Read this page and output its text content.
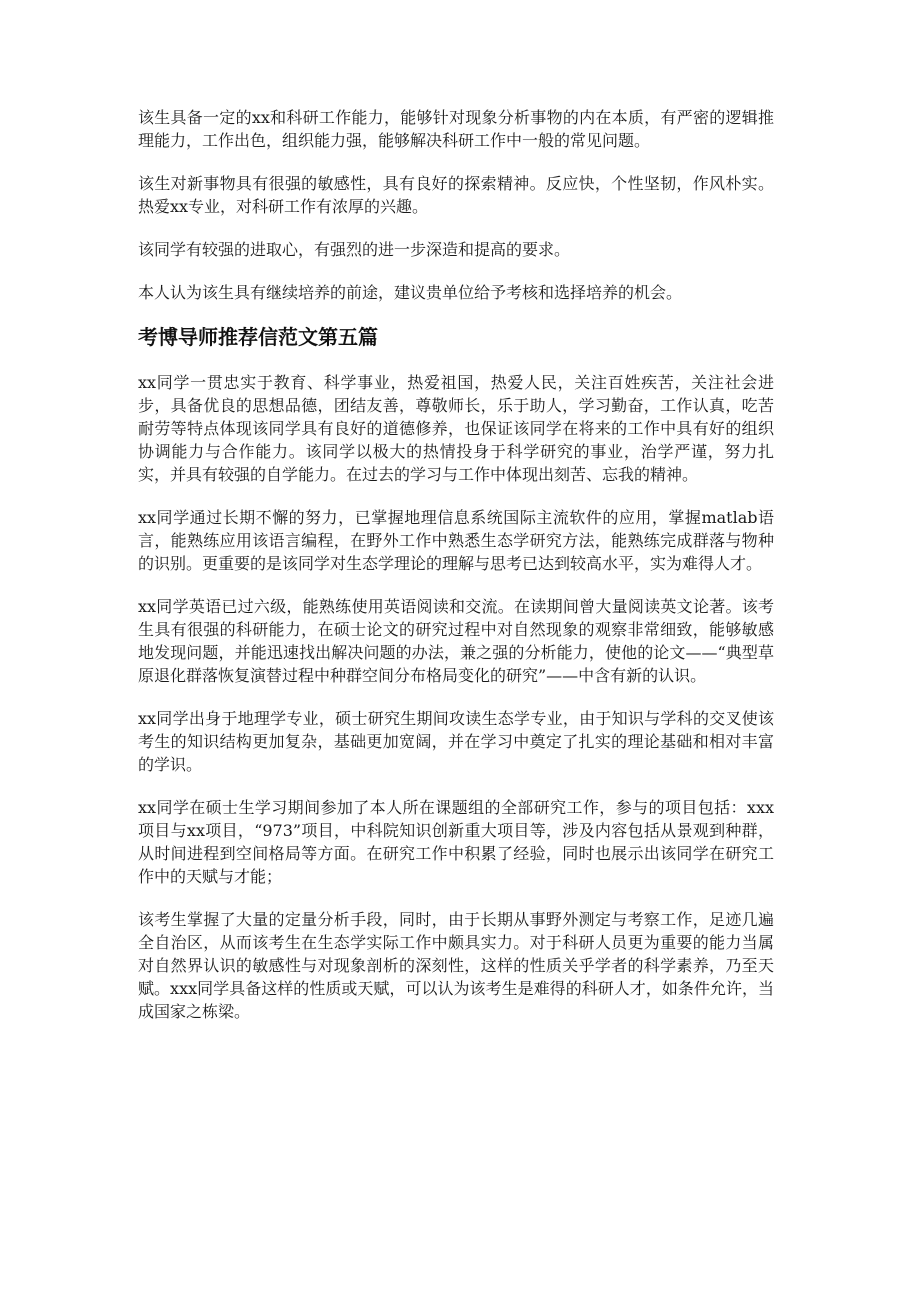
该生具备一定的xx和科研工作能力，能够针对现象分析事物的内在本质，有严密的逻辑推理能力，工作出色，组织能力强，能够解决科研工作中一般的常见问题。

该生对新事物具有很强的敏感性，具有良好的探索精神。反应快，个性坚韧，作风朴实。热爱xx专业，对科研工作有浓厚的兴趣。

该同学有较强的进取心，有强烈的进一步深造和提高的要求。

本人认为该生具有继续培养的前途，建议贵单位给予考核和选择培养的机会。

考博导师推荐信范文第五篇

xx同学一贯忠实于教育、科学事业，热爱祖国，热爱人民，关注百姓疾苦，关注社会进步，具备优良的思想品德，团结友善，尊敬师长，乐于助人，学习勤奋，工作认真，吃苦耐劳等特点体现该同学具有良好的道德修养，也保证该同学在将来的工作中具有好的组织协调能力与合作能力。该同学以极大的热情投身于科学研究的事业，治学严谨，努力扎实，并具有较强的自学能力。在过去的学习与工作中体现出刻苦、忘我的精神。

xx同学通过长期不懈的努力，已掌握地理信息系统国际主流软件的应用，掌握matlab语言，能熟练应用该语言编程，在野外工作中熟悉生态学研究方法，能熟练完成群落与物种的识别。更重要的是该同学对生态学理论的理解与思考已达到较高水平，实为难得人才。

xx同学英语已过六级，能熟练使用英语阅读和交流。在读期间曾大量阅读英文论著。该考生具有很强的科研能力，在硕士论文的研究过程中对自然现象的观察非常细致，能够敏感地发现问题，并能迅速找出解决问题的办法，兼之强的分析能力，使他的论文——“典型草原退化群落恢复演替过程中种群空间分布格局变化的研究”——中含有新的认识。

xx同学出身于地理学专业，硕士研究生期间攻读生态学专业，由于知识与学科的交叉使该考生的知识结构更加复杂，基础更加宽阔，并在学习中奠定了扎实的理论基础和相对丰富的学识。

xx同学在硕士生学习期间参加了本人所在课题组的全部研究工作，参与的项目包括：xxx项目与xx项目，“973”项目，中科院知识创新重大项目等，涉及内容包括从景观到种群，从时间进程到空间格局等方面。在研究工作中积累了经验，同时也展示出该同学在研究工作中的天赋与才能；

该考生掌握了大量的定量分析手段，同时，由于长期从事野外测定与考察工作，足迹几遍全自治区，从而该考生在生态学实际工作中颇具实力。对于科研人员更为重要的能力当属对自然界认识的敏感性与对现象剖析的深刻性，这样的性质关乎学者的科学素养，乃至天赋。xxx同学具备这样的性质或天赋，可以认为该考生是难得的科研人才，如条件允许，当成国家之栋梁。
